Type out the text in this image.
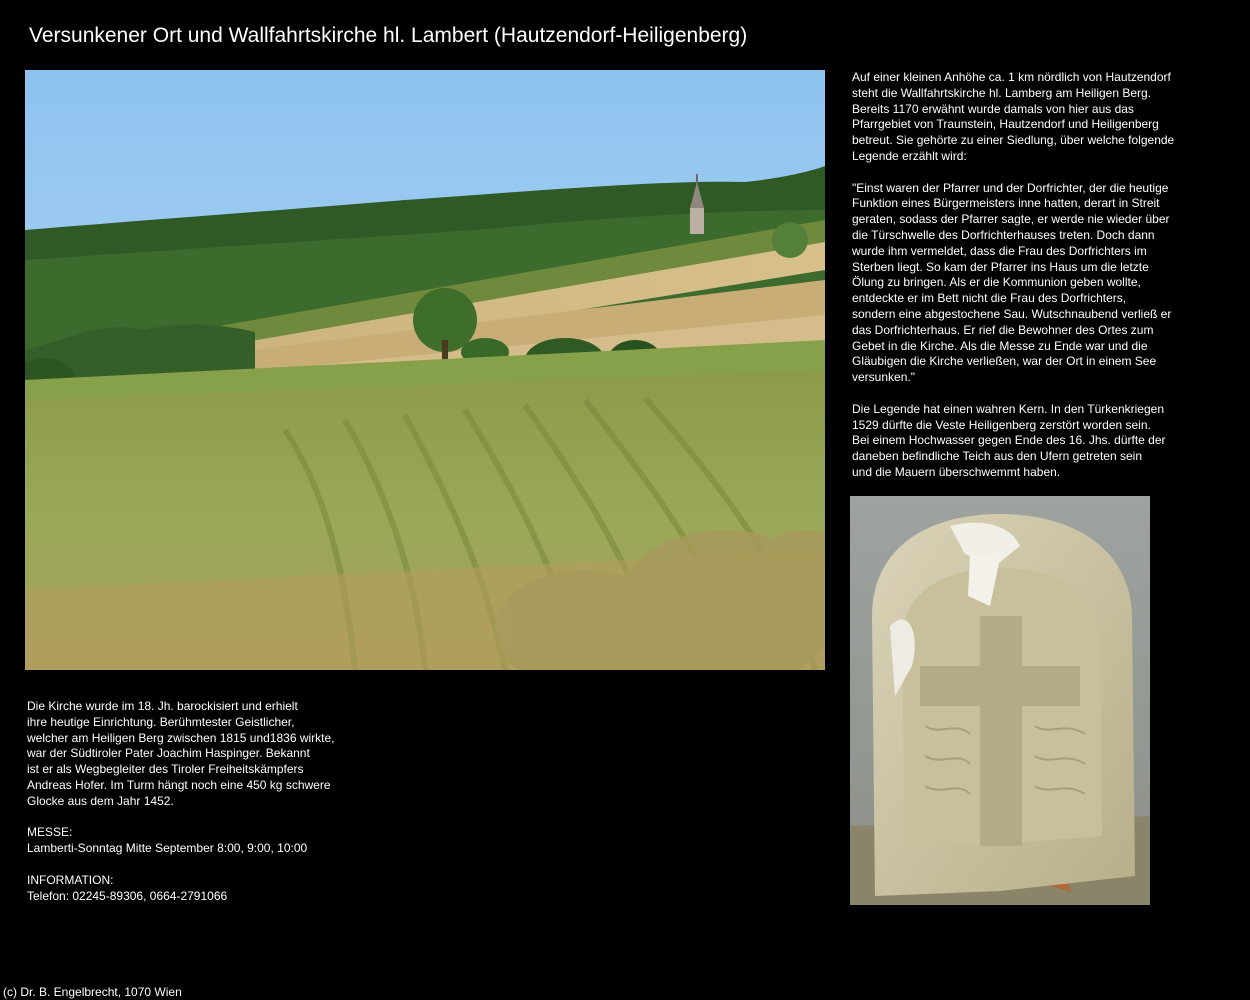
Versunkener Ort und Wallfahrtskirche hl. Lambert (Hautzendorf-Heiligenberg)

Auf einer kleinen Anhöhe ca. 1 km nördlich von Hautzendorf
steht die Wallfahrtskirche hl. Lamberg am Heiligen Berg.
Bereits 1170 erwähnt wurde damals von hier aus das
Pfarrgebiet von Traunstein, Hautzendorf und Heiligenberg
betreut. Sie gehörte zu einer Siedlung, über welche folgende
Legende erzählt wird:

"Einst waren der Pfarrer und der Dorfrichter, der die heutige
Funktion eines Bürgermeisters inne hatten, derart in Streit
geraten, sodass der Pfarrer sagte, er werde nie wieder über
die Türschwelle des Dorfrichterhauses treten. Doch dann
wurde ihm vermeldet, dass die Frau des Dorfrichters im
Sterben liegt. So kam der Pfarrer ins Haus um die letzte
Ölung zu bringen. Als er die Kommunion geben wollte,
entdeckte er im Bett nicht die Frau des Dorfrichters,
sondern eine abgestochene Sau. Wutschnaubend verließ er
das Dorfrichterhaus. Er rief die Bewohner des Ortes zum
Gebet in die Kirche. Als die Messe zu Ende war und die
Gläubigen die Kirche verließen, war der Ort in einem See
versunken."

Die Legende hat einen wahren Kern. In den Türkenkriegen
1529 dürfte die Veste Heiligenberg zerstört worden sein.
Bei einem Hochwasser gegen Ende des 16. Jhs. dürfte der
daneben befindliche Teich aus den Ufern getreten sein
und die Mauern überschwemmt haben.

Die Kirche wurde im 18. Jh. barockisiert und erhielt
ihre heutige Einrichtung. Berühmtester Geistlicher,
welcher am Heiligen Berg zwischen 1815 und1836 wirkte,
war der Südtiroler Pater Joachim Haspinger. Bekannt
ist er als Wegbegleiter des Tiroler Freiheitskämpfers
Andreas Hofer. Im Turm hängt noch eine 450 kg schwere
Glocke aus dem Jahr 1452.

MESSE:
Lamberti-Sonntag Mitte September 8:00, 9:00, 10:00

INFORMATION:
Telefon: 02245-89306, 0664-2791066

(c) Dr. B. Engelbrecht, 1070 Wien
